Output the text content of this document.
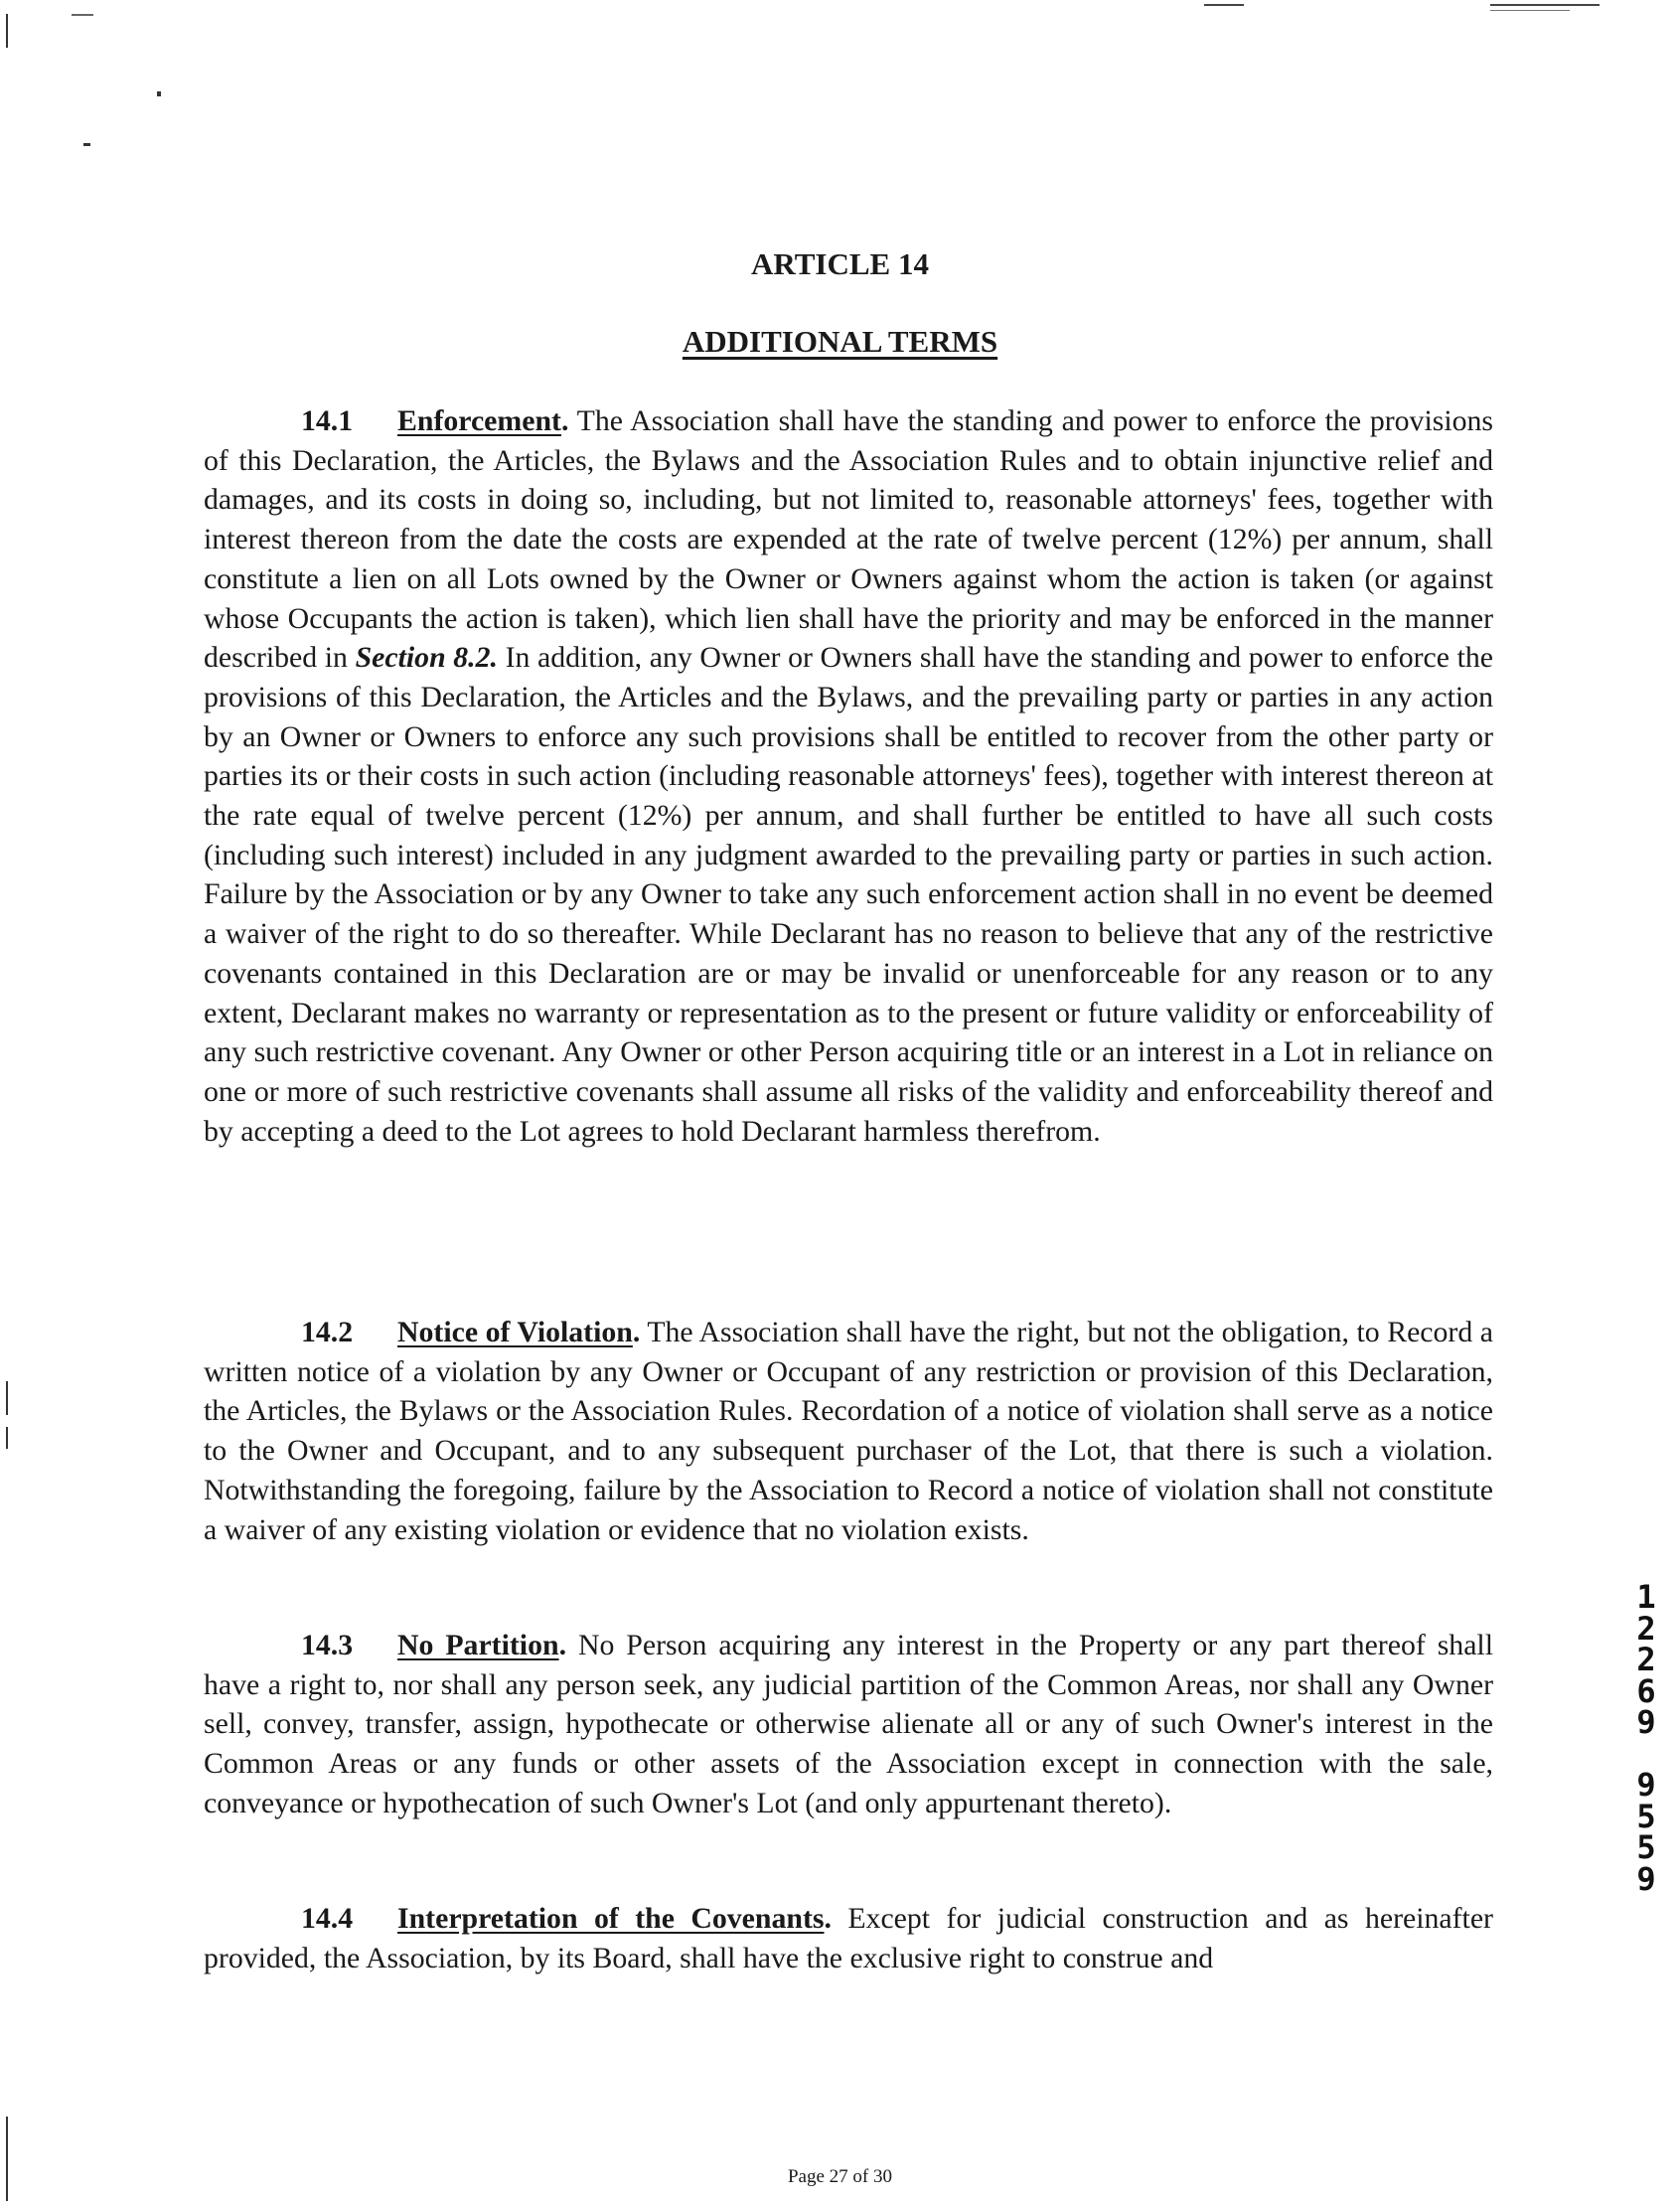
ARTICLE 14
ADDITIONAL TERMS

14.1 Enforcement. The Association shall have the standing and power to enforce the provisions of this Declaration, the Articles, the Bylaws and the Association Rules and to obtain injunctive relief and damages, and its costs in doing so, including, but not limited to, reasonable attorneys' fees, together with interest thereon from the date the costs are expended at the rate of twelve percent (12%) per annum, shall constitute a lien on all Lots owned by the Owner or Owners against whom the action is taken (or against whose Occupants the action is taken), which lien shall have the priority and may be enforced in the manner described in Section 8.2. In addition, any Owner or Owners shall have the standing and power to enforce the provisions of this Declaration, the Articles and the Bylaws, and the prevailing party or parties in any action by an Owner or Owners to enforce any such provisions shall be entitled to recover from the other party or parties its or their costs in such action (including reasonable attorneys' fees), together with interest thereon at the rate equal of twelve percent (12%) per annum, and shall further be entitled to have all such costs (including such interest) included in any judgment awarded to the prevailing party or parties in such action. Failure by the Association or by any Owner to take any such enforcement action shall in no event be deemed a waiver of the right to do so thereafter. While Declarant has no reason to believe that any of the restrictive covenants contained in this Declaration are or may be invalid or unenforceable for any reason or to any extent, Declarant makes no warranty or representation as to the present or future validity or enforceability of any such restrictive covenant. Any Owner or other Person acquiring title or an interest in a Lot in reliance on one or more of such restrictive covenants shall assume all risks of the validity and enforceability thereof and by accepting a deed to the Lot agrees to hold Declarant harmless therefrom.

14.2 Notice of Violation. The Association shall have the right, but not the obligation, to Record a written notice of a violation by any Owner or Occupant of any restriction or provision of this Declaration, the Articles, the Bylaws or the Association Rules. Recordation of a notice of violation shall serve as a notice to the Owner and Occupant, and to any subsequent purchaser of the Lot, that there is such a violation. Notwithstanding the foregoing, failure by the Association to Record a notice of violation shall not constitute a waiver of any existing violation or evidence that no violation exists.

14.3 No Partition. No Person acquiring any interest in the Property or any part thereof shall have a right to, nor shall any person seek, any judicial partition of the Common Areas, nor shall any Owner sell, convey, transfer, assign, hypothecate or otherwise alienate all or any of such Owner's interest in the Common Areas or any funds or other assets of the Association except in connection with the sale, conveyance or hypothecation of such Owner's Lot (and only appurtenant thereto).

14.4 Interpretation of the Covenants. Except for judicial construction and as hereinafter provided, the Association, by its Board, shall have the exclusive right to construe and

Page 27 of 30
1
2
2
6
9

9
5
5
9
